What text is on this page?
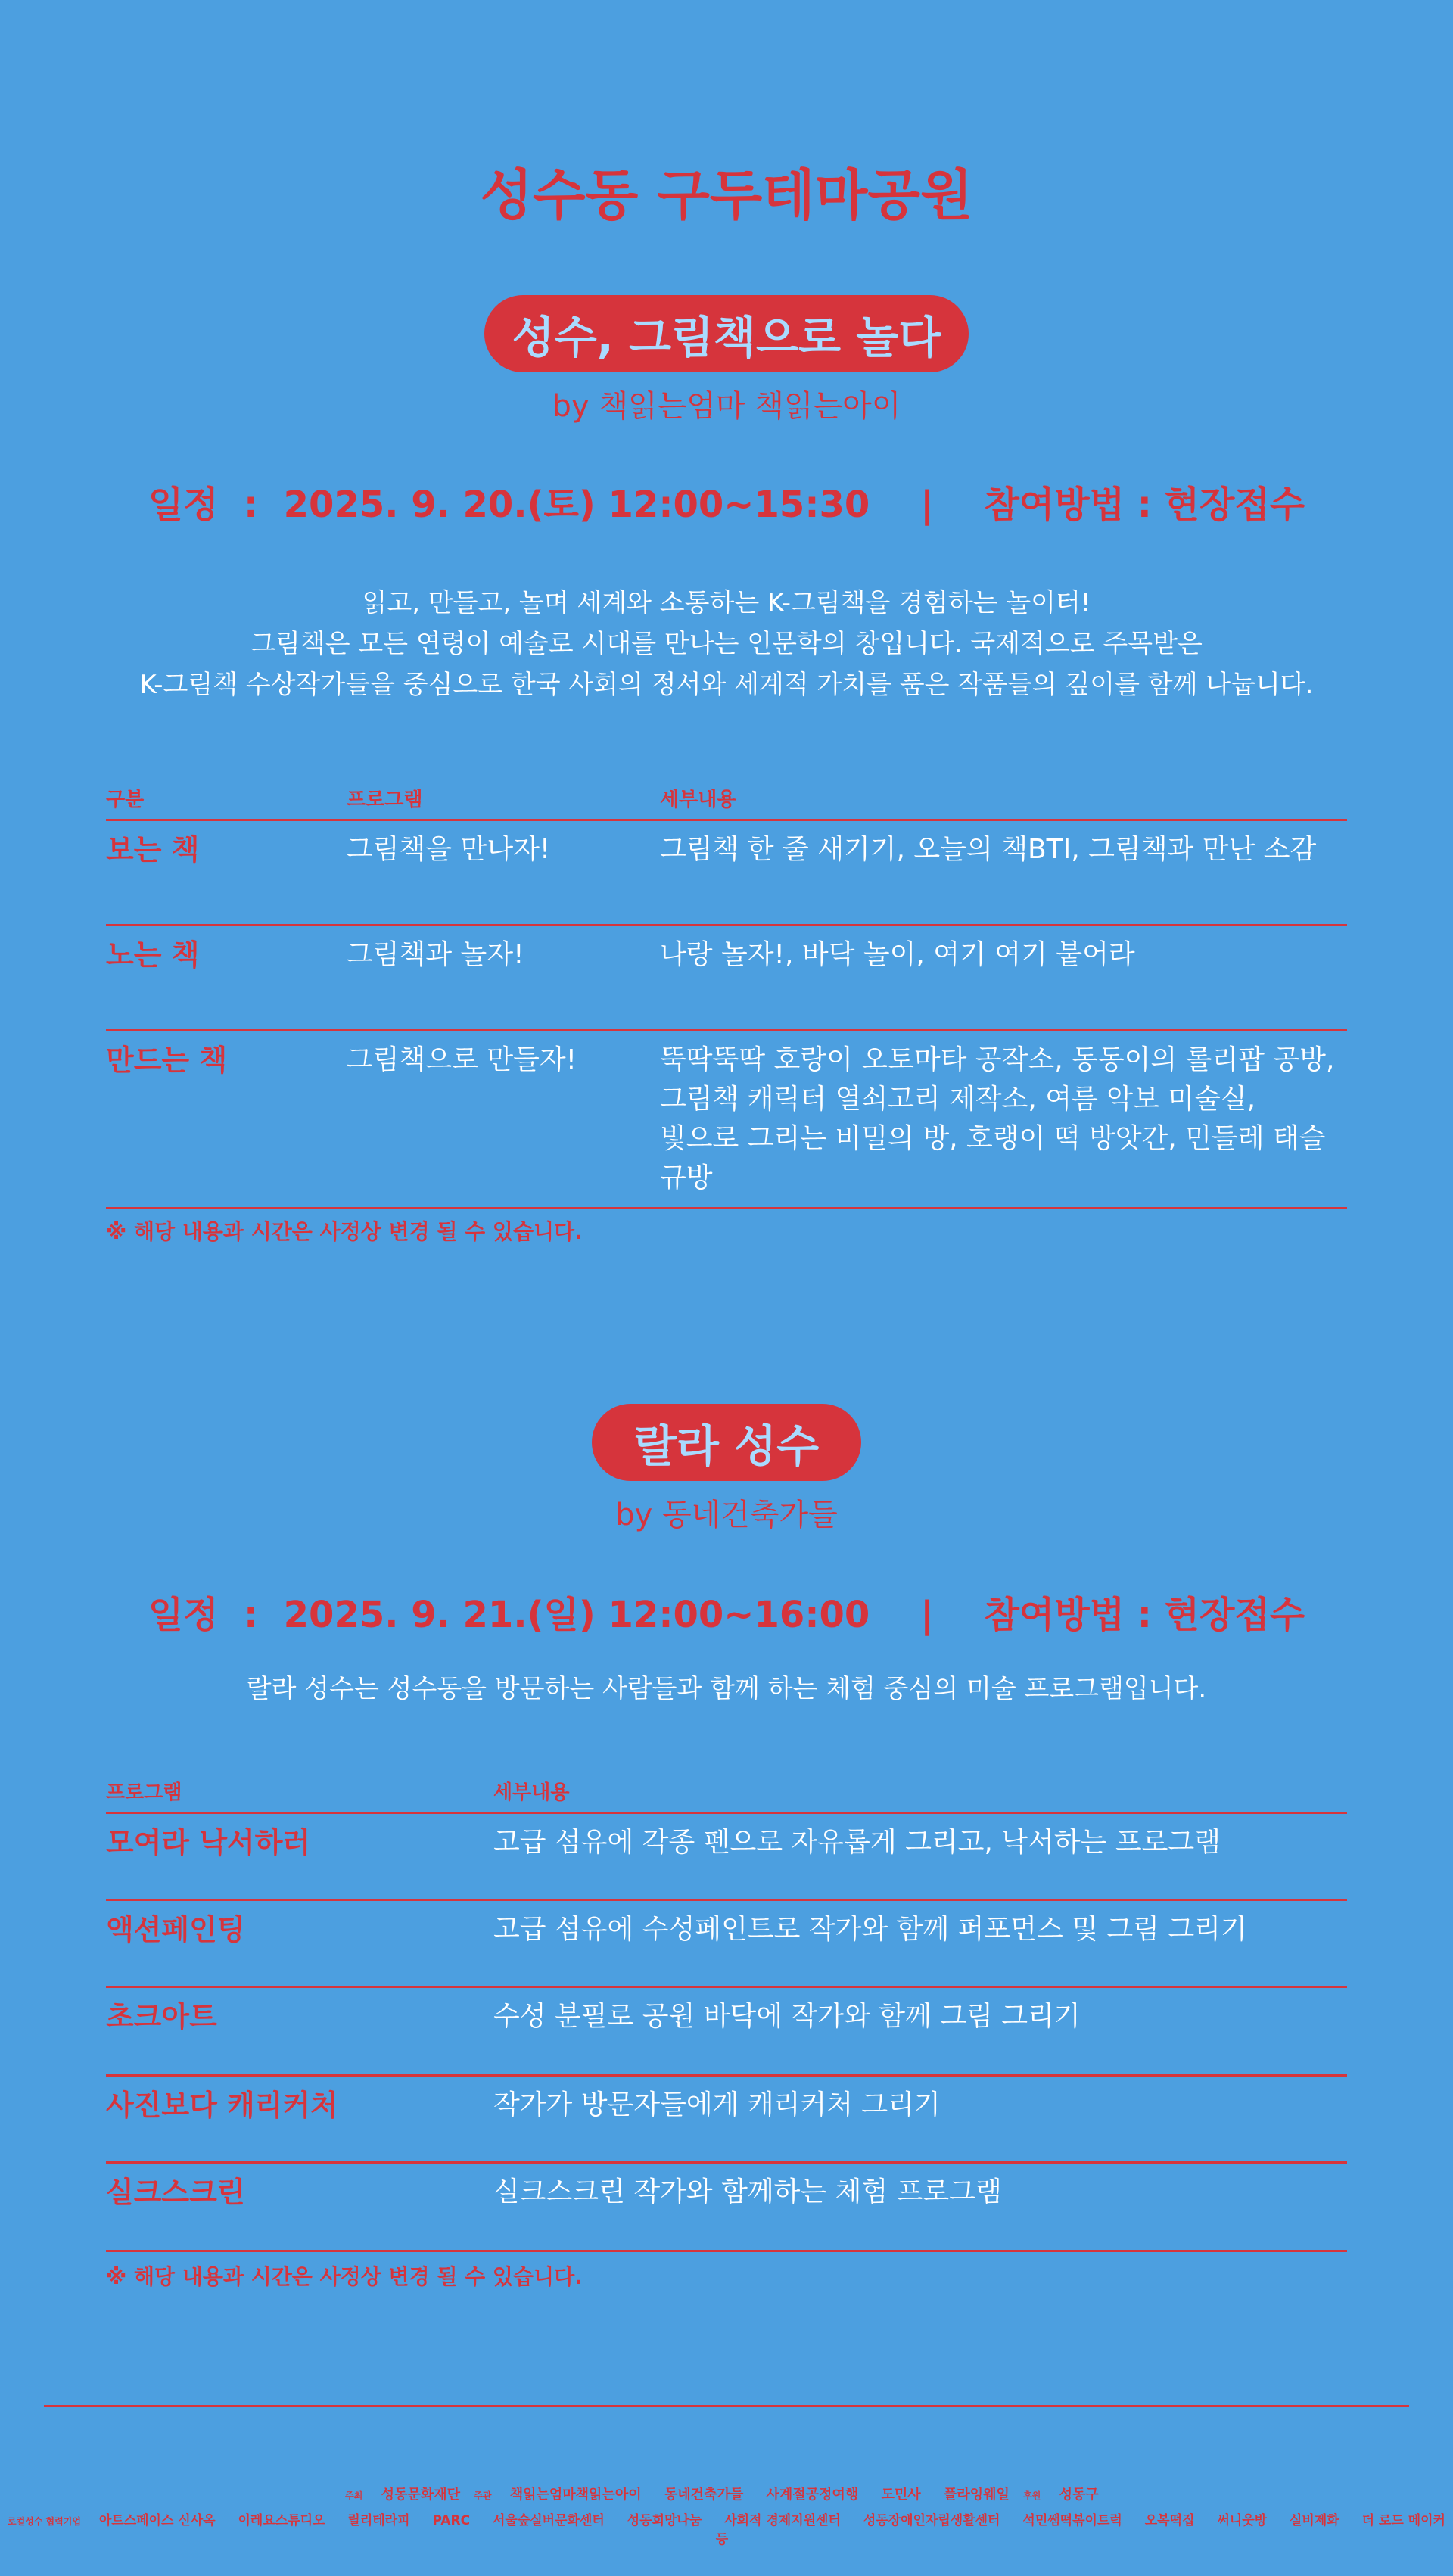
성수동 구두테마공원
성수, 그림책으로 놀다
by 책읽는엄마 책읽는아이
일정  :  2025. 9. 20.(토) 12:00~15:30    |    참여방법 : 현장접수
읽고, 만들고, 놀며 세계와 소통하는 K-그림책을 경험하는 놀이터!
그림책은 모든 연령이 예술로 시대를 만나는 인문학의 창입니다. 국제적으로 주목받은
K-그림책 수상작가들을 중심으로 한국 사회의 정서와 세계적 가치를 품은 작품들의 깊이를 함께 나눕니다.
구분	프로그램	세부내용
보는 책	그림책을 만나자!	그림책 한 줄 새기기, 오늘의 책BTI, 그림책과 만난 소감
노는 책	그림책과 놀자!	나랑 놀자!, 바닥 놀이, 여기 여기 붙어라
만드는 책	그림책으로 만들자!	뚝딱뚝딱 호랑이 오토마타 공작소, 동동이의 롤리팝 공방,
그림책 캐릭터 열쇠고리 제작소, 여름 악보 미술실,
빛으로 그리는 비밀의 방, 호랭이 떡 방앗간, 민들레 태슬 규방
※ 해당 내용과 시간은 사정상 변경 될 수 있습니다.
랄라 성수
by 동네건축가들
일정  :  2025. 9. 21.(일) 12:00~16:00    |    참여방법 : 현장접수
랄라 성수는 성수동을 방문하는 사람들과 함께 하는 체험 중심의 미술 프로그램입니다.
프로그램	세부내용
모여라 낙서하러	고급 섬유에 각종 펜으로 자유롭게 그리고, 낙서하는 프로그램
액션페인팅	고급 섬유에 수성페인트로 작가와 함께 퍼포먼스 및 그림 그리기
초크아트	수성 분필로 공원 바닥에 작가와 함께 그림 그리기
사진보다 캐리커처	작가가 방문자들에게 캐리커처 그리기
실크스크린	실크스크린 작가와 함께하는 체험 프로그램
※ 해당 내용과 시간은 사정상 변경 될 수 있습니다.
주최 성동문화재단 주관 책읽는엄마책읽는아이 동네건축가들 사계절공정여행 도민사 플라잉웨일 후원 성동구
로컬성수 협력기업 아트스페이스 신사옥 이레요스튜디오 릴리테라피 PARC 서울숲실버문화센터 성동희망나눔 사회적 경제지원센터 성동장애인자립생활센터 석민쌤떡볶이트럭 오복떡집 써니웃방 실비제화 더 로드 메이커 등
